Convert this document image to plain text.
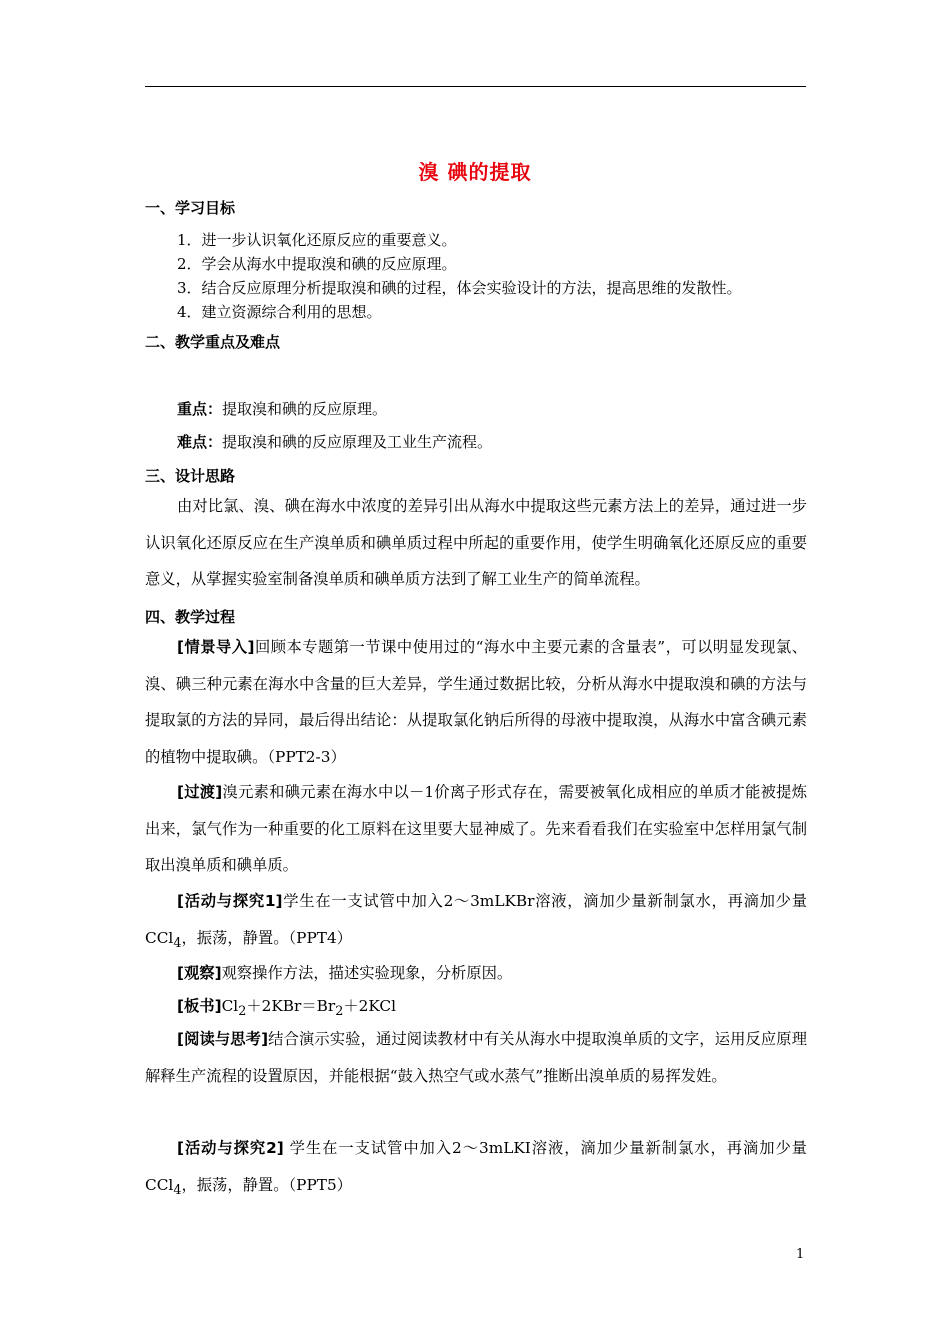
溴 碘的提取
一、学习目标
1．进一步认识氧化还原反应的重要意义。
2．学会从海水中提取溴和碘的反应原理。
3．结合反应原理分析提取溴和碘的过程，体会实验设计的方法，提高思维的发散性。
4．建立资源综合利用的思想。
二、教学重点及难点
重点：提取溴和碘的反应原理。
难点：提取溴和碘的反应原理及工业生产流程。
三、设计思路

由对比氯、溴、碘在海水中浓度的差异引出从海水中提取这些元素方法上的差异，通过进一步认识氧化还原反应在生产溴单质和碘单质过程中所起的重要作用，使学生明确氧化还原反应的重要意义，从掌握实验室制备溴单质和碘单质方法到了解工业生产的简单流程。

四、教学过程

[情景导入]回顾本专题第一节课中使用过的“海水中主要元素的含量表”，可以明显发现氯、溴、碘三种元素在海水中含量的巨大差异，学生通过数据比较，分析从海水中提取溴和碘的方法与提取氯的方法的异同，最后得出结论：从提取氯化钠后所得的母液中提取溴，从海水中富含碘元素的植物中提取碘。（PPT2-3）

[过渡]溴元素和碘元素在海水中以－1价离子形式存在，需要被氧化成相应的单质才能被提炼出来，氯气作为一种重要的化工原料在这里要大显神威了。先来看看我们在实验室中怎样用氯气制取出溴单质和碘单质。

[活动与探究1]学生在一支试管中加入2～3mLKBr溶液，滴加少量新制氯水，再滴加少量CCl$_4$，振荡，静置。（PPT4）

[观察]观察操作方法，描述实验现象，分析原因。

[板书]$Cl_2+2KBr=Br_2+2KCl$

[阅读与思考]结合演示实验，通过阅读教材中有关从海水中提取溴单质的文字，运用反应原理解释生产流程的设置原因，并能根据“鼓入热空气或水蒸气”推断出溴单质的易挥发姓。

[活动与探究2] 学生在一支试管中加入2～3mLKI溶液，滴加少量新制氯水，再滴加少量CCl$_4$，振荡，静置。（PPT5）

1
